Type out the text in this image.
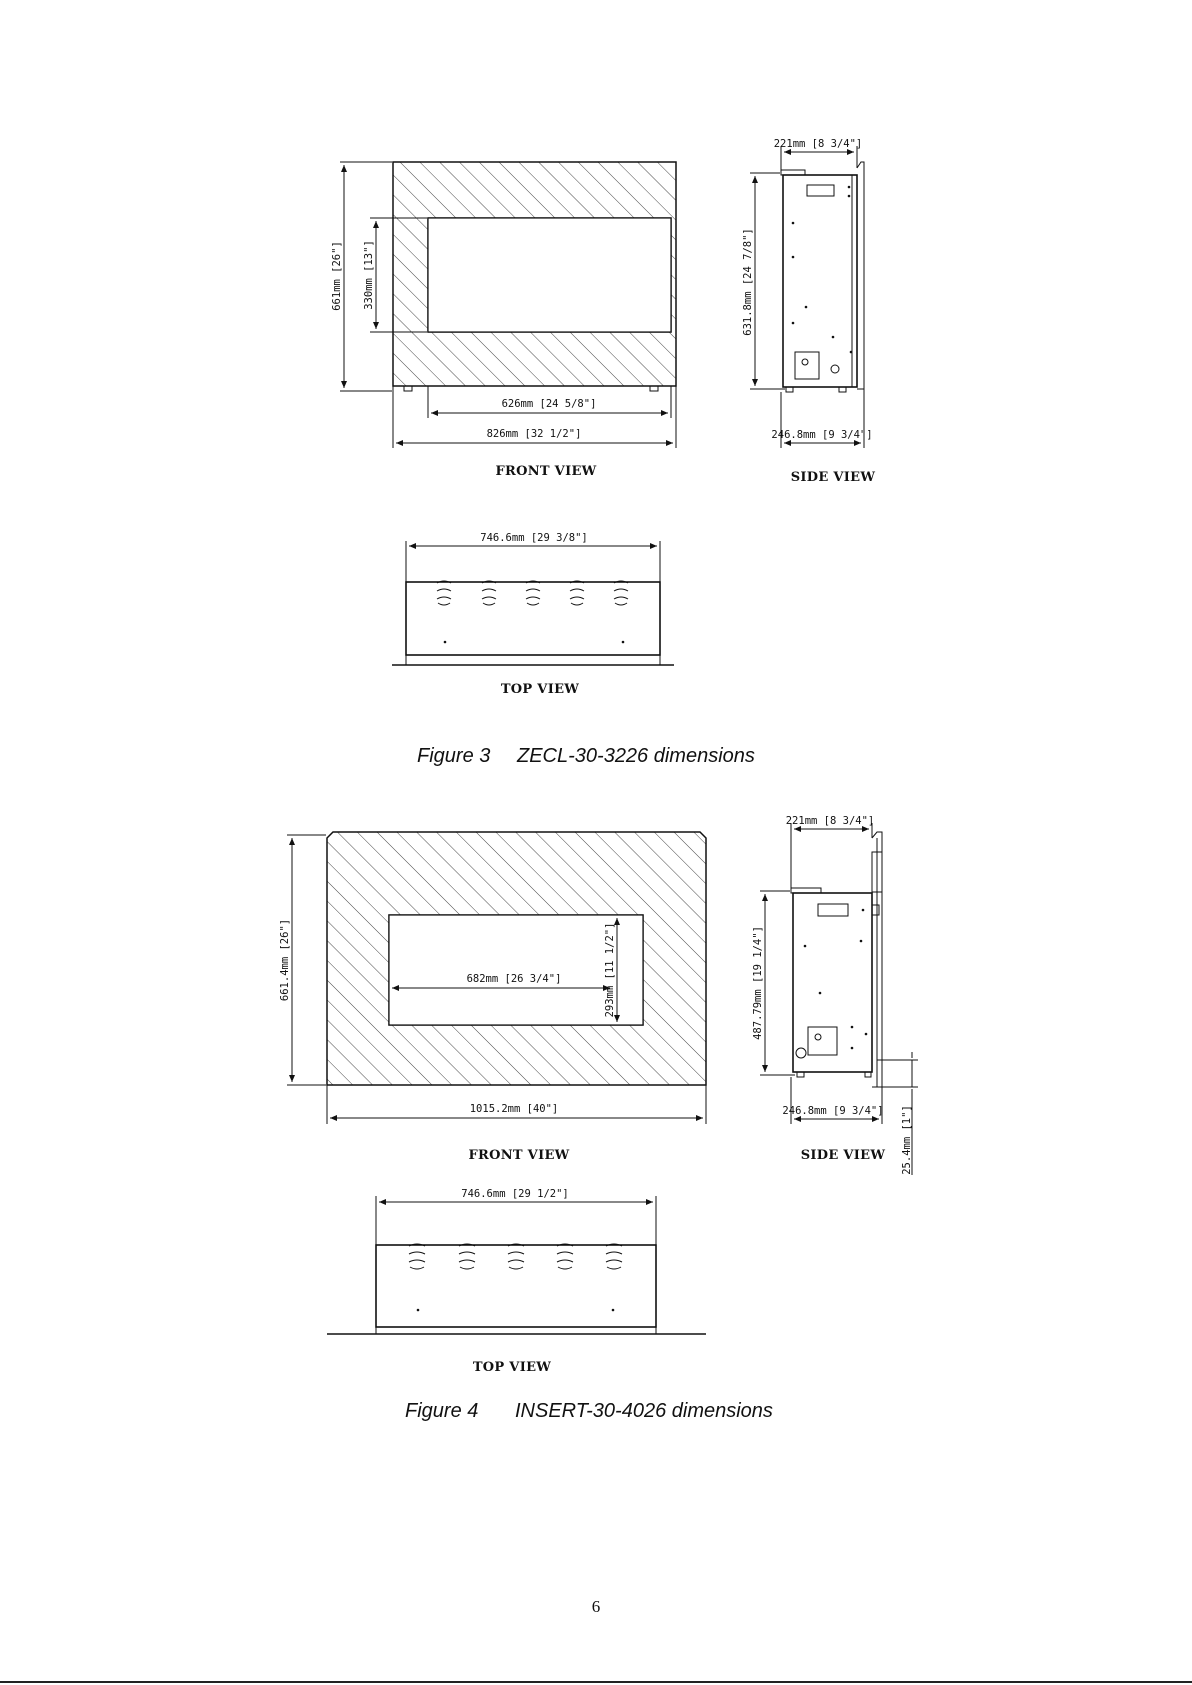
661mm [26"] 330mm [13"]
626mm [24 5/8"]
826mm [32 1/2"]
FRONT VIEW
221mm [8 3/4"]
631.8mm [24 7/8"]
246.8mm [9 3/4"]
SIDE VIEW
746.6mm [29 3/8"]
TOP VIEW
661.4mm [26"]	682mm [26 3/4"]	293mm [11 1/2"]
1015.2mm [40"]
FRONT VIEW
221mm [8 3/4"]
487.79mm [19 1/4"]
246.8mm [9 3/4"] 25.4mm [1"]
SIDE VIEW
746.6mm [29 1/2"]
TOP VIEW
Figure 3 ZECL-30-3226 dimensions
Figure 4 INSERT-30-4026 dimensions
6
